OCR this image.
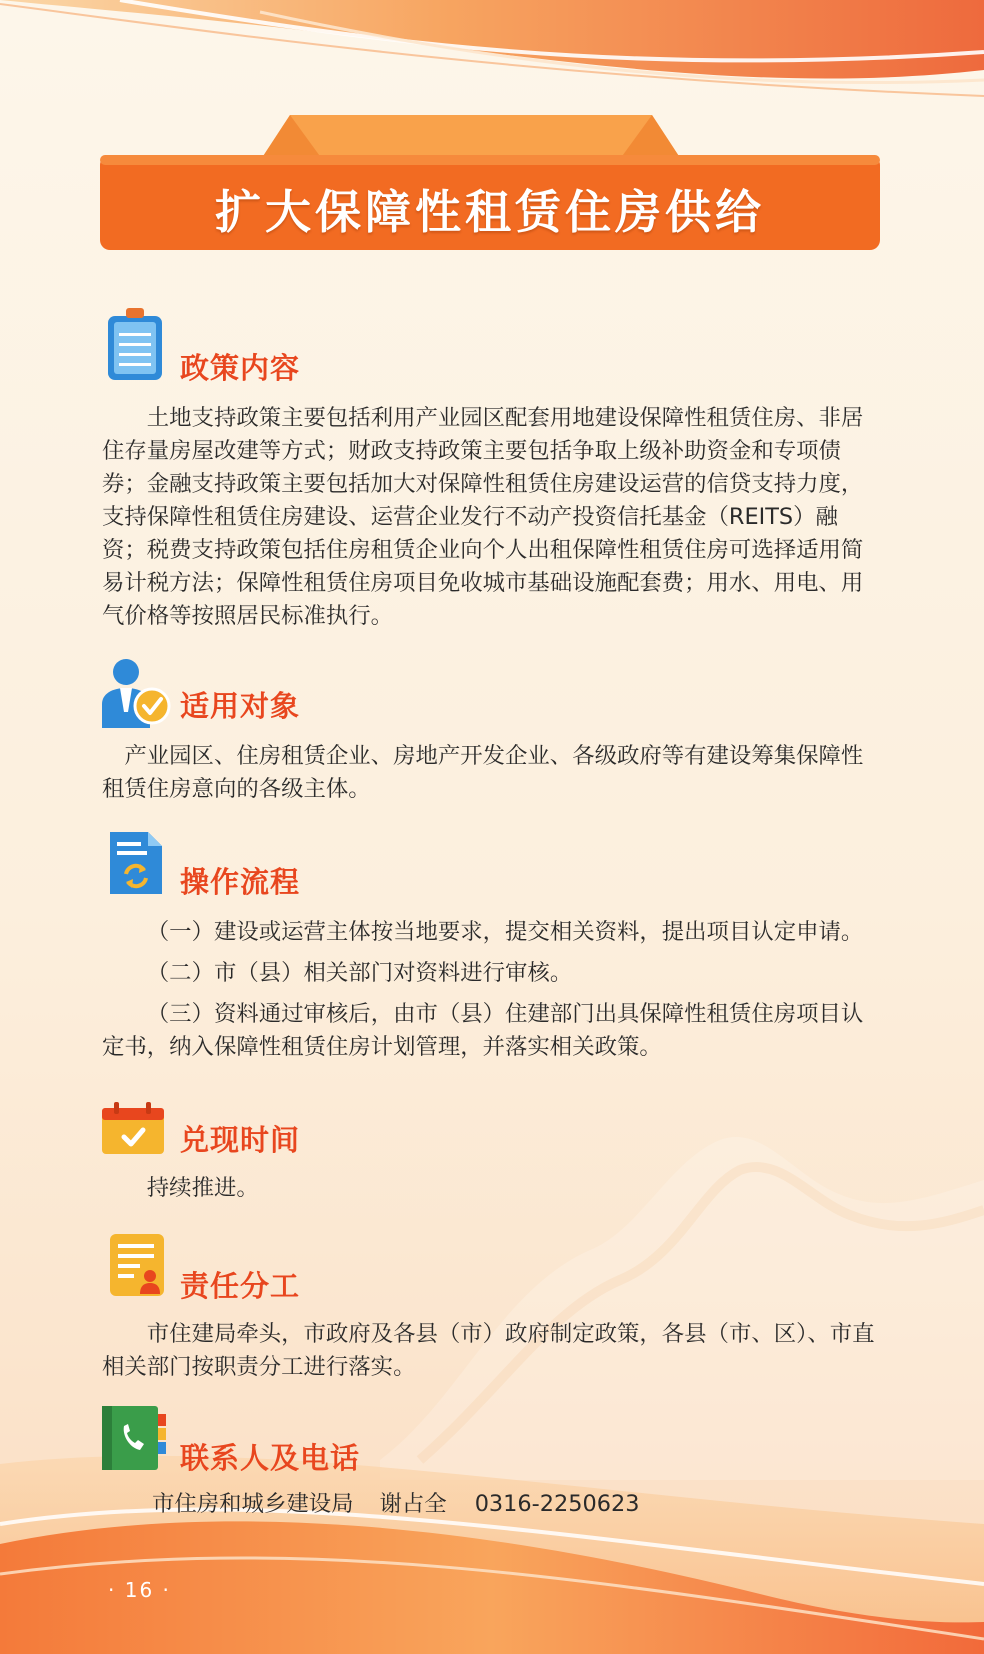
扩大保障性租赁住房供给
政策内容

土地支持政策主要包括利用产业园区配套用地建设保障性租赁住房、非居住存量房屋改建等方式；财政支持政策主要包括争取上级补助资金和专项债券；金融支持政策主要包括加大对保障性租赁住房建设运营的信贷支持力度，支持保障性租赁住房建设、运营企业发行不动产投资信托基金（REITS）融资；税费支持政策包括住房租赁企业向个人出租保障性租赁住房可选择适用简易计税方法；保障性租赁住房项目免收城市基础设施配套费；用水、用电、用气价格等按照居民标准执行。

适用对象

产业园区、住房租赁企业、房地产开发企业、各级政府等有建设筹集保障性租赁住房意向的各级主体。

操作流程

（一）建设或运营主体按当地要求，提交相关资料，提出项目认定申请。

（二）市（县）相关部门对资料进行审核。

（三）资料通过审核后，由市（县）住建部门出具保障性租赁住房项目认定书，纳入保障性租赁住房计划管理，并落实相关政策。

兑现时间

持续推进。

责任分工

市住建局牵头，市政府及各县（市）政府制定政策，各县（市、区）、市直相关部门按职责分工进行落实。

联系人及电话
市住房和城乡建设局 谢占全 0316-2250623
· 16 ·
